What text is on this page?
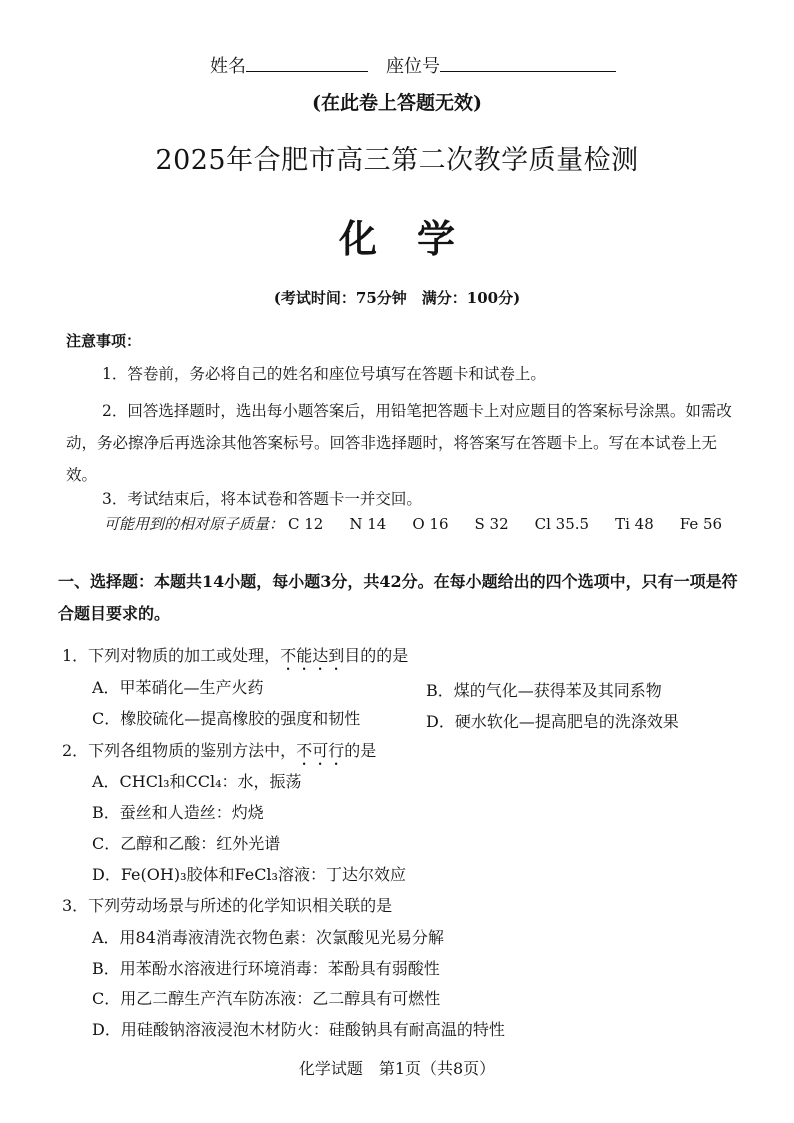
姓名	座位号
(在此卷上答题无效)
2025年合肥市高三第二次教学质量检测
化 学
(考试时间：75分钟　满分：100分)
注意事项：
1．答卷前，务必将自己的姓名和座位号填写在答题卡和试卷上。
2．回答选择题时，选出每小题答案后，用铅笔把答题卡上对应题目的答案标号涂黑。如需改动，务必擦净后再选涂其他答案标号。回答非选择题时，将答案写在答题卡上。写在本试卷上无效。
3．考试结束后，将本试卷和答题卡一并交回。
可能用到的相对原子质量： C 12 N 14 O 16 S 32 Cl 35.5 Ti 48 Fe 56
一、选择题：本题共14小题，每小题3分，共42分。在每小题给出的四个选项中，只有一项是符合题目要求的。
1．下列对物质的加工或处理，不能达到目的的是
A．甲苯硝化—生产火药	B．煤的气化—获得苯及其同系物
C．橡胶硫化—提高橡胶的强度和韧性	D．硬水软化—提高肥皂的洗涤效果
2．下列各组物质的鉴别方法中，不可行的是
A．CHCl₃和CCl₄：水，振荡
B．蚕丝和人造丝：灼烧
C．乙醇和乙酸：红外光谱
D．Fe(OH)₃胶体和FeCl₃溶液：丁达尔效应
3．下列劳动场景与所述的化学知识相关联的是
A．用84消毒液清洗衣物色素：次氯酸见光易分解
B．用苯酚水溶液进行环境消毒：苯酚具有弱酸性
C．用乙二醇生产汽车防冻液：乙二醇具有可燃性
D．用硅酸钠溶液浸泡木材防火：硅酸钠具有耐高温的特性
化学试题　第1页（共8页）
